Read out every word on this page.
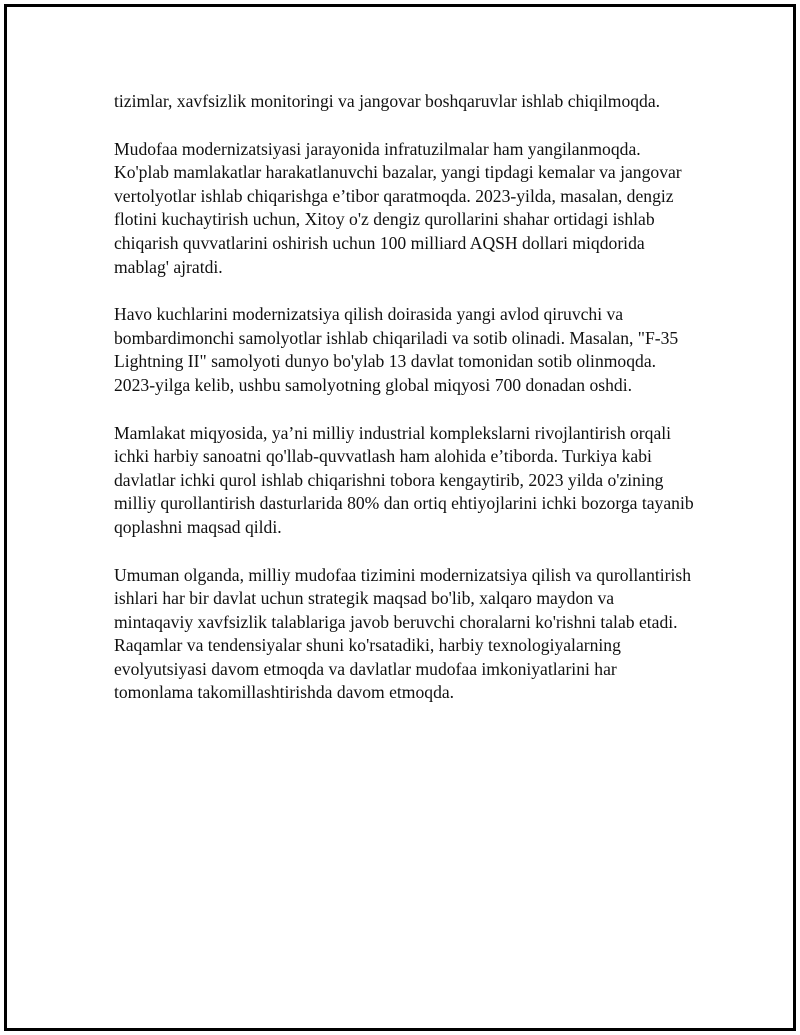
tizimlar, xavfsizlik monitoringi va jangovar boshqaruvlar ishlab chiqilmoqda.

Mudofaa modernizatsiyasi jarayonida infratuzilmalar ham yangilanmoqda. Ko'plab mamlakatlar harakatlanuvchi bazalar, yangi tipdagi kemalar va jangovar vertolyotlar ishlab chiqarishga e’tibor qaratmoqda. 2023-yilda, masalan, dengiz flotini kuchaytirish uchun, Xitoy o'z dengiz qurollarini shahar ortidagi ishlab chiqarish quvvatlarini oshirish uchun 100 milliard AQSH dollari miqdorida mablag' ajratdi.

Havo kuchlarini modernizatsiya qilish doirasida yangi avlod qiruvchi va bombardimonchi samolyotlar ishlab chiqariladi va sotib olinadi. Masalan, "F-35 Lightning II" samolyoti dunyo bo'ylab 13 davlat tomonidan sotib olinmoqda. 2023-yilga kelib, ushbu samolyotning global miqyosi 700 donadan oshdi.

Mamlakat miqyosida, ya’ni milliy industrial komplekslarni rivojlantirish orqali ichki harbiy sanoatni qo'llab-quvvatlash ham alohida e’tiborda. Turkiya kabi davlatlar ichki qurol ishlab chiqarishni tobora kengaytirib, 2023 yilda o'zining milliy qurollantirish dasturlarida 80% dan ortiq ehtiyojlarini ichki bozorga tayanib qoplashni maqsad qildi.

Umuman olganda, milliy mudofaa tizimini modernizatsiya qilish va qurollantirish ishlari har bir davlat uchun strategik maqsad bo'lib, xalqaro maydon va mintaqaviy xavfsizlik talablariga javob beruvchi choralarni ko'rishni talab etadi. Raqamlar va tendensiyalar shuni ko'rsatadiki, harbiy texnologiyalarning evolyutsiyasi davom etmoqda va davlatlar mudofaa imkoniyatlarini har tomonlama takomillashtirishda davom etmoqda.
